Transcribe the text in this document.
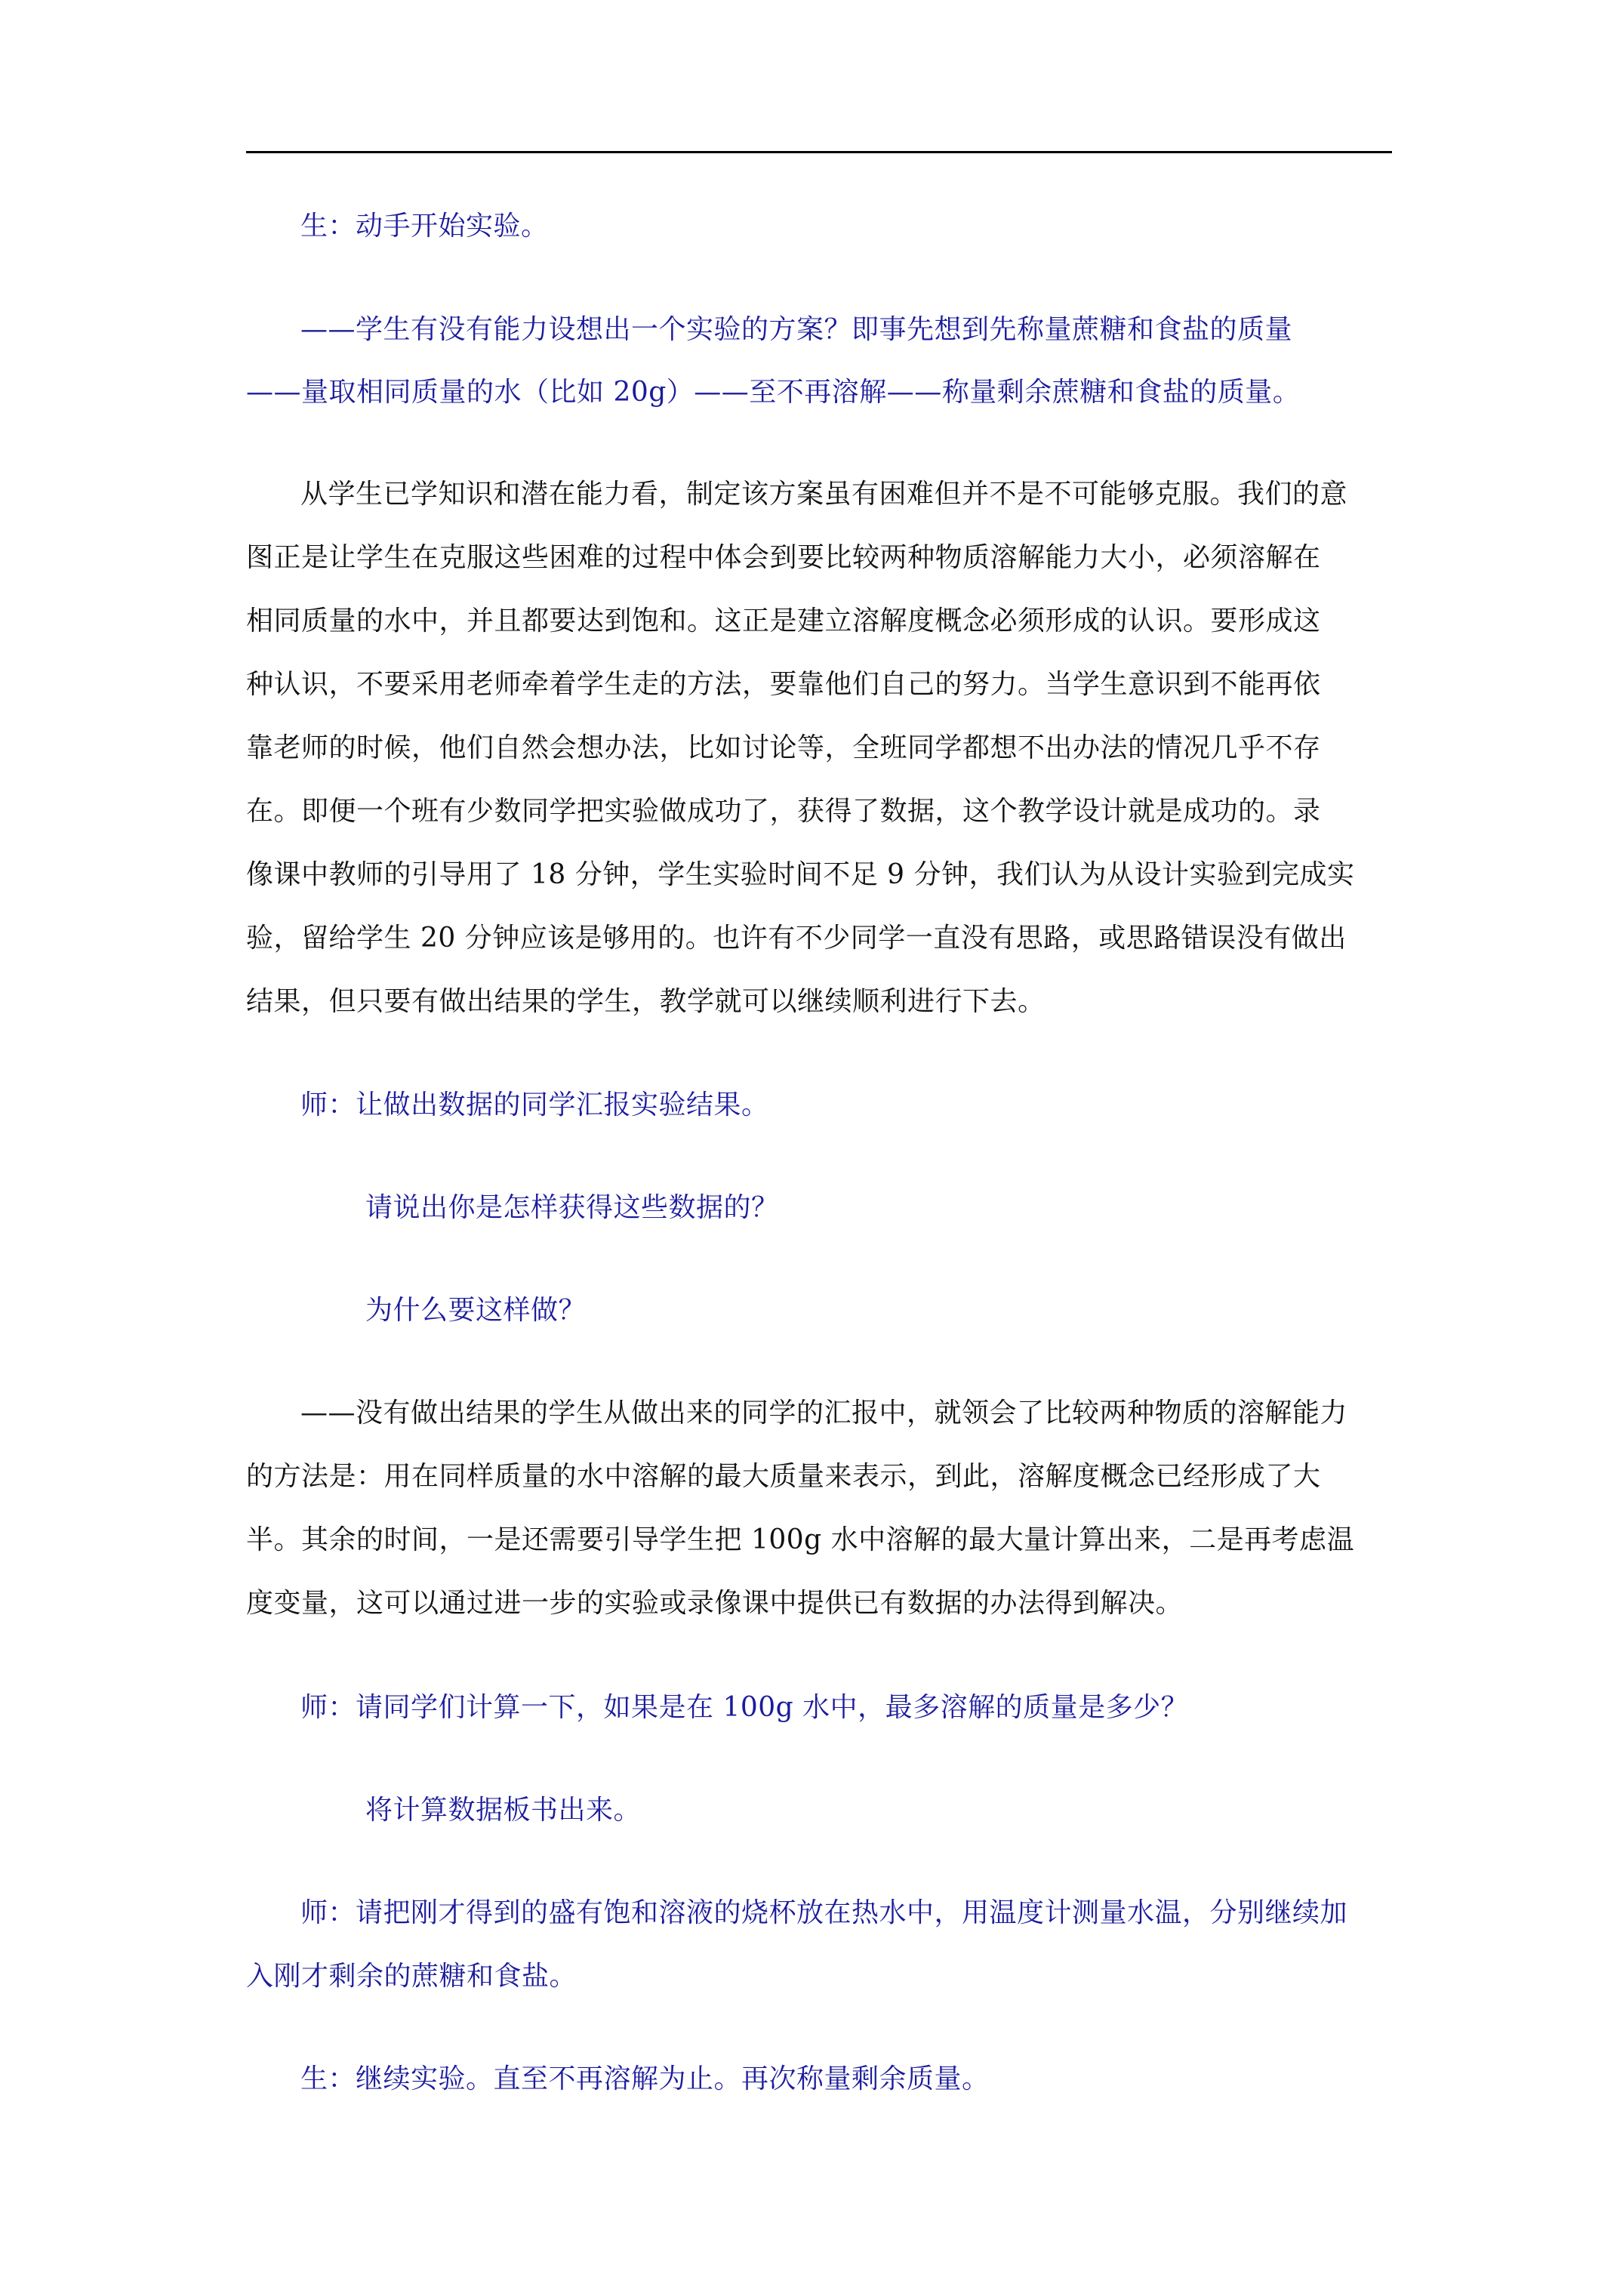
生：动手开始实验。
——学生有没有能力设想出一个实验的方案？即事先想到先称量蔗糖和食盐的质量
——量取相同质量的水（比如 20g）——至不再溶解——称量剩余蔗糖和食盐的质量。
从学生已学知识和潜在能力看，制定该方案虽有困难但并不是不可能够克服。我们的意
图正是让学生在克服这些困难的过程中体会到要比较两种物质溶解能力大小，必须溶解在
相同质量的水中，并且都要达到饱和。这正是建立溶解度概念必须形成的认识。要形成这
种认识，不要采用老师牵着学生走的方法，要靠他们自己的努力。当学生意识到不能再依
靠老师的时候，他们自然会想办法，比如讨论等，全班同学都想不出办法的情况几乎不存
在。即便一个班有少数同学把实验做成功了，获得了数据，这个教学设计就是成功的。录
像课中教师的引导用了 18 分钟，学生实验时间不足 9 分钟，我们认为从设计实验到完成实
验，留给学生 20 分钟应该是够用的。也许有不少同学一直没有思路，或思路错误没有做出
结果，但只要有做出结果的学生，教学就可以继续顺利进行下去。
师：让做出数据的同学汇报实验结果。
请说出你是怎样获得这些数据的？
为什么要这样做？
——没有做出结果的学生从做出来的同学的汇报中，就领会了比较两种物质的溶解能力
的方法是：用在同样质量的水中溶解的最大质量来表示，到此，溶解度概念已经形成了大
半。其余的时间，一是还需要引导学生把 100g 水中溶解的最大量计算出来，二是再考虑温
度变量，这可以通过进一步的实验或录像课中提供已有数据的办法得到解决。
师：请同学们计算一下，如果是在 100g 水中，最多溶解的质量是多少？
将计算数据板书出来。
师：请把刚才得到的盛有饱和溶液的烧杯放在热水中，用温度计测量水温，分别继续加
入刚才剩余的蔗糖和食盐。
生：继续实验。直至不再溶解为止。再次称量剩余质量。
